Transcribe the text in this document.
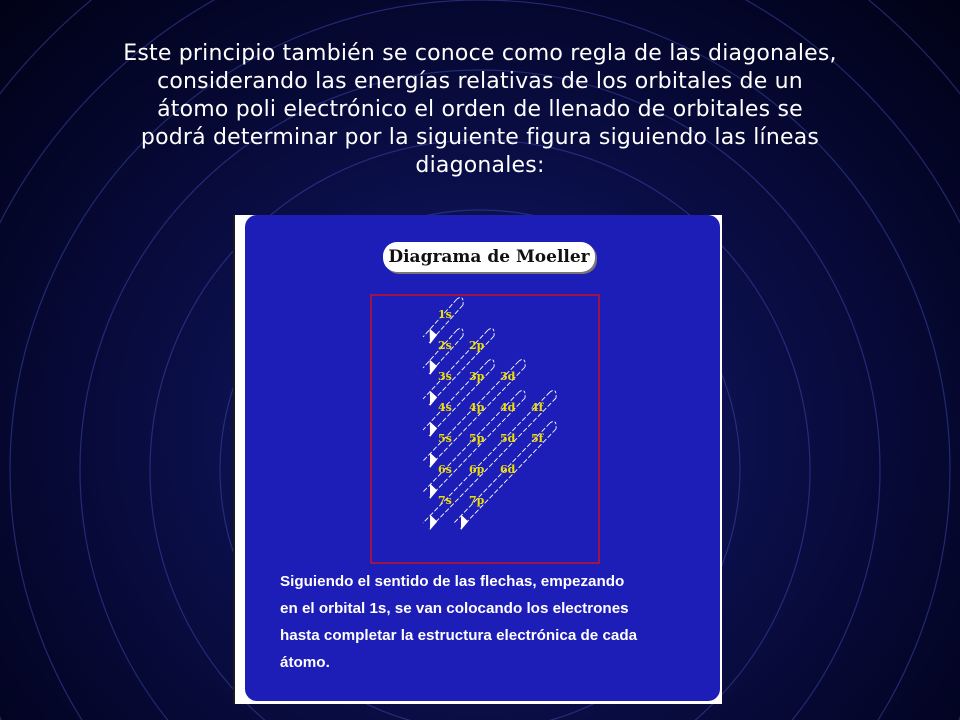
Este principio también se conoce como regla de las diagonales,
considerando las energías relativas de los orbitales de un
átomo poli electrónico el orden de llenado de orbitales se
podrá determinar por la siguiente figura siguiendo las líneas
diagonales:
1s
2s 2p
3s 3p 3d
4s 4p 4d 4f
5s 5p 5d 5f
6s 6p 6d
7s 7p
Diagrama de Moeller
Siguiendo el sentido de las flechas, empezando
en el orbital 1s, se van colocando los electrones
hasta completar la estructura electrónica de cada
átomo.
